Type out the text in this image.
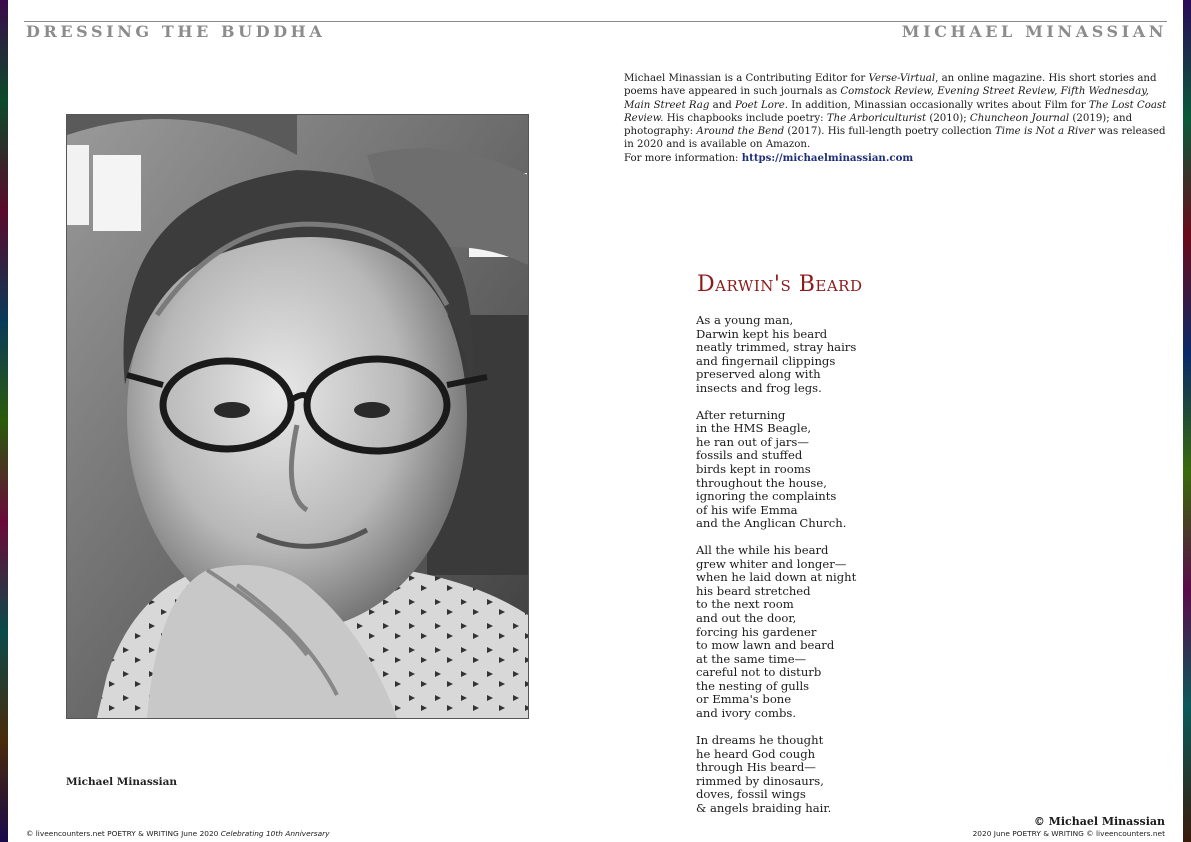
DRESSING THE BUDDHA	MICHAEL MINASSIAN
Michael Minassian is a Contributing Editor for Verse-Virtual, an online magazine. His short stories and poems have appeared in such journals as Comstock Review, Evening Street Review, Fifth Wednesday, Main Street Rag and Poet Lore. In addition, Minassian occasionally writes about Film for The Lost Coast Review. His chapbooks include poetry: The Arboriculturist (2010); Chuncheon Journal (2019); and photography: Around the Bend (2017). His full-length poetry collection Time is Not a River was released in 2020 and is available on Amazon.
For more information: https://michaelminassian.com
Michael Minassian
Darwin's Beard
As a young man,
Darwin kept his beard
neatly trimmed, stray hairs
and fingernail clippings
preserved along with
insects and frog legs.
After returning
in the HMS Beagle,
he ran out of jars—
fossils and stuffed
birds kept in rooms
throughout the house,
ignoring the complaints
of his wife Emma
and the Anglican Church.
All the while his beard
grew whiter and longer—
when he laid down at night
his beard stretched
to the next room
and out the door,
forcing his gardener
to mow lawn and beard
at the same time—
careful not to disturb
the nesting of gulls
or Emma's bone
and ivory combs.
In dreams he thought
he heard God cough
through His beard—
rimmed by dinosaurs,
doves, fossil wings
& angels braiding hair.
© Michael Minassian
© liveencounters.net POETRY & WRITING June 2020 Celebrating 10th Anniversary	2020 June POETRY & WRITING © liveencounters.net
